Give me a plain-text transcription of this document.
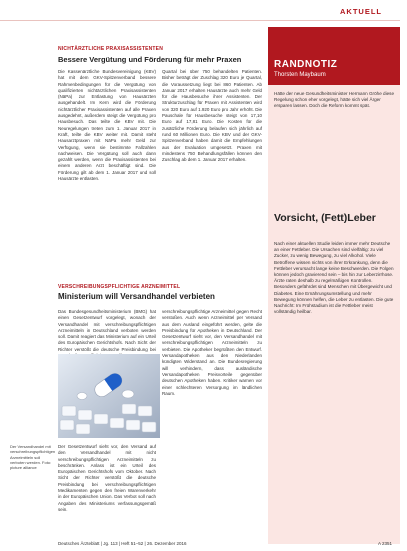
AKTUELL
NICHTÄRZTLICHE PRAXISASSISTENTEN
Bessere Vergütung und Förderung für mehr Praxen

Die Kassenärztliche Bundesvereinigung (KBV) hat mit dem GKV-Spitzenverband bessere Rahmenbedingungen für die Vergütung von qualifizierten nichtärztlichen Praxisassistenten (NäPa) zur Entlastung von Hausärzten ausgehandelt. Im Kern wird die Förderung nichtärztlicher Praxisassistenten auf alle Praxen ausgedehnt, außerdem steigt die Vergütung pro Hausbesuch. Das teilte die KBV mit. Die Neuregelungen treten zum 1. Januar 2017 in Kraft, teilte die KBV weiter mit. Damit steht Hausarztpraxen mit NäPa mehr Geld zur Verfügung, wenn sie bestimmte Fallzahlen nachweisen. Die Vergütung soll auch dann gezahlt werden, wenn die Praxisassistenten bei einem anderen Arzt beschäftigt sind. Die Förderung gilt ab dem 1. Januar 2017 und soll Hausärzte entlasten.

Quartal bei über 750 behandelten Patienten. Bisher beträgt der Zuschlag 320 Euro je Quartal, die Voraussetzung liegt bei 860 Patienten. Ab Januar 2017 erhalten Hausärzte auch mehr Geld für die Hausbesuche ihrer Assistenten. Der Strukturzuschlag für Praxen mit Assistenten wird von 320 Euro auf 1.920 Euro pro Jahr erhöht. Die Pauschale für Hausbesuche steigt von 17,10 Euro auf 17,81 Euro. Die Kosten für die zusätzliche Förderung belaufen sich jährlich auf rund 60 Millionen Euro. Die KBV und der GKV-Spitzenverband haben damit die Empfehlungen aus der Evaluation umgesetzt. Praxen mit mindestens 750 Behandlungsfällen können den Zuschlag ab dem 1. Januar 2017 erhalten.

VERSCHREIBUNGSPFLICHTIGE ARZNEIMITTEL
Ministerium will Versandhandel verbieten

Das Bundesgesundheitsministerium (BMG) hat einen Gesetzentwurf vorgelegt, wonach der Versandhandel mit verschreibungspflichtigen Arzneimitteln in Deutschland verboten werden soll. Damit reagiert das Ministerium auf ein Urteil des Europäischen Gerichtshofs. Nach Sicht der Richter verstößt die deutsche Preisbindung bei

verschreibungspflichtige Arzneimittel gegen Recht verstoßen. Auch wenn Arzneimittel per Versand aus dem Ausland eingeführt werden, gelte die Preisbindung für Apotheken in Deutschland. Der Gesetzentwurf sieht vor, den Versandhandel mit verschreibungspflichtigen Arzneimitteln zu verbieten. Die Apotheker begrüßten den Entwurf. Versandapotheken aus den Niederlanden kündigten Widerstand an. Die Bundesregierung will verhindern, dass ausländische Versandapotheken Preisvorteile gegenüber deutschen Apotheken haben. Kritiker warnen vor einer schlechteren Versorgung im ländlichen Raum.

Der Versandhandel mit verschreibungspflichtigen Arzneimitteln soll verboten werden. Foto: picture alliance

Der Gesetzentwurf sieht vor, den Versand auf den Versandhandel mit nicht verschreibungspflichtigen Arzneimitteln zu beschränken. Anlass ist ein Urteil des Europäischen Gerichtshofs vom Oktober. Nach Sicht der Richter verstößt die deutsche Preisbindung bei verschreibungspflichtigen Medikamenten gegen den freien Warenverkehr in der Europäischen Union. Das Verbot soll nach Angaben des Ministeriums verfassungsgemäß sein.

RANDNOTIZ
Thorsten Maybaum

Hätte der neue Gesundheitsminister Hermann Gröhe diese Regelung schon eher vorgelegt, hätte sich viel Ärger ersparen lassen. Doch die Reform kommt spät.

Vorsicht, (Fett)Leber

Nach einer aktuellen Studie leiden immer mehr Deutsche an einer Fettleber. Die Ursachen sind vielfältig: zu viel Zucker, zu wenig Bewegung, zu viel Alkohol. Viele Betroffene wissen nichts von ihrer Erkrankung, denn die Fettleber verursacht lange keine Beschwerden. Die Folgen können jedoch gravierend sein – bis hin zur Leberzirrhose. Ärzte raten deshalb zu regelmäßigen Kontrollen. Besonders gefährdet sind Menschen mit Übergewicht und Diabetes. Eine Ernährungsumstellung und mehr Bewegung können helfen, die Leber zu entlasten. Die gute Nachricht: Im Frühstadium ist die Fettleber meist vollständig heilbar.

Deutsches Ärzteblatt | Jg. 113 | Heft 51–52 | 26. Dezember 2016	A 2351
